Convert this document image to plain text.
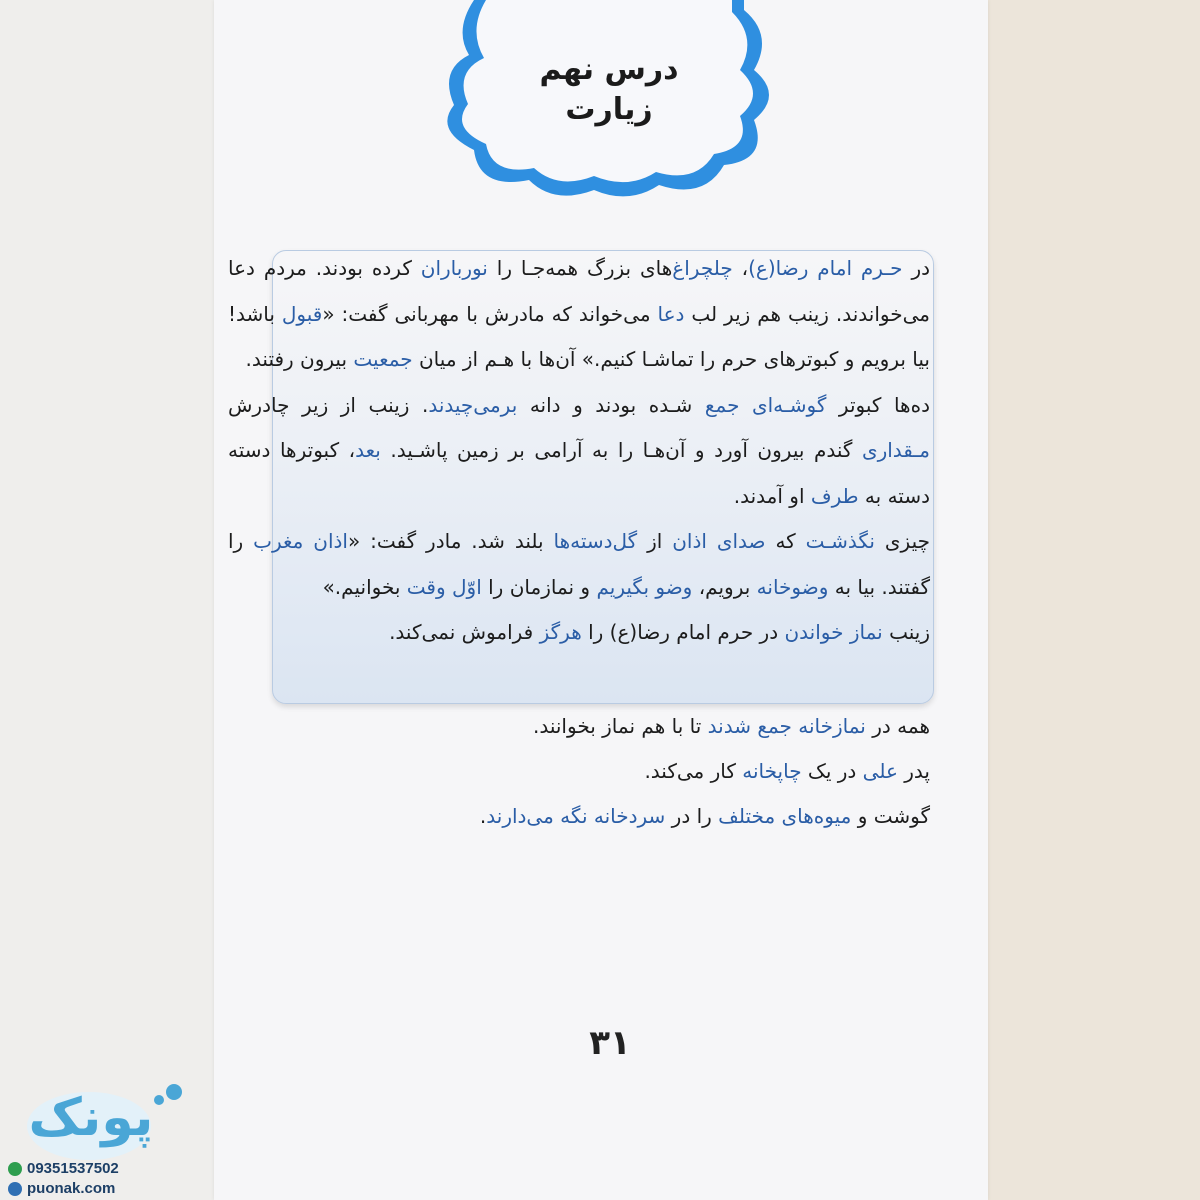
درس نهم

زیارت

در حـرم امام رضا(ع)، چلچراغ‌های بزرگ همه‌جـا را نورباران کرده بودند. مردم دعا می‌خواندند. زینب هم زیر لب دعا می‌خواند که مادرش با مهربانی گفت: «قبول باشد! بیا برویم و کبوترهای حرم را تماشـا کنیم.» آن‌ها با هـم از میان جمعیت بیرون رفتند.

ده‌ها کبوتر گوشـه‌ای جمع شـده بودند و دانه برمی‌چیدند. زینب از زیر چادرش مـقداری گندم بیرون آورد و آن‌هـا را به آرامی بر زمین پاشـید. بعد، کبوترها دسته دسته به طرف او آمدند.

چیزی نگذشـت که صدای اذان از گل‌دسته‌ها بلند شد. مادر گفت: «اذان مغرب را گفتند. بیا به وضوخانه برویم، وضو بگیریم و نمازمان را اوّل وقت بخوانیم.»

زینب نماز خواندن در حرم امام رضا(ع) را هرگز فراموش نمی‌کند.

همه در نمازخانه جمع شدند تا با هم نماز بخوانند.

پدر علی در یک چاپخانه کار می‌کند.

گوشت و میوه‌های مختلف را در سردخانه نگه می‌دارند.

۳۱
پونک
09351537502
puonak.com
